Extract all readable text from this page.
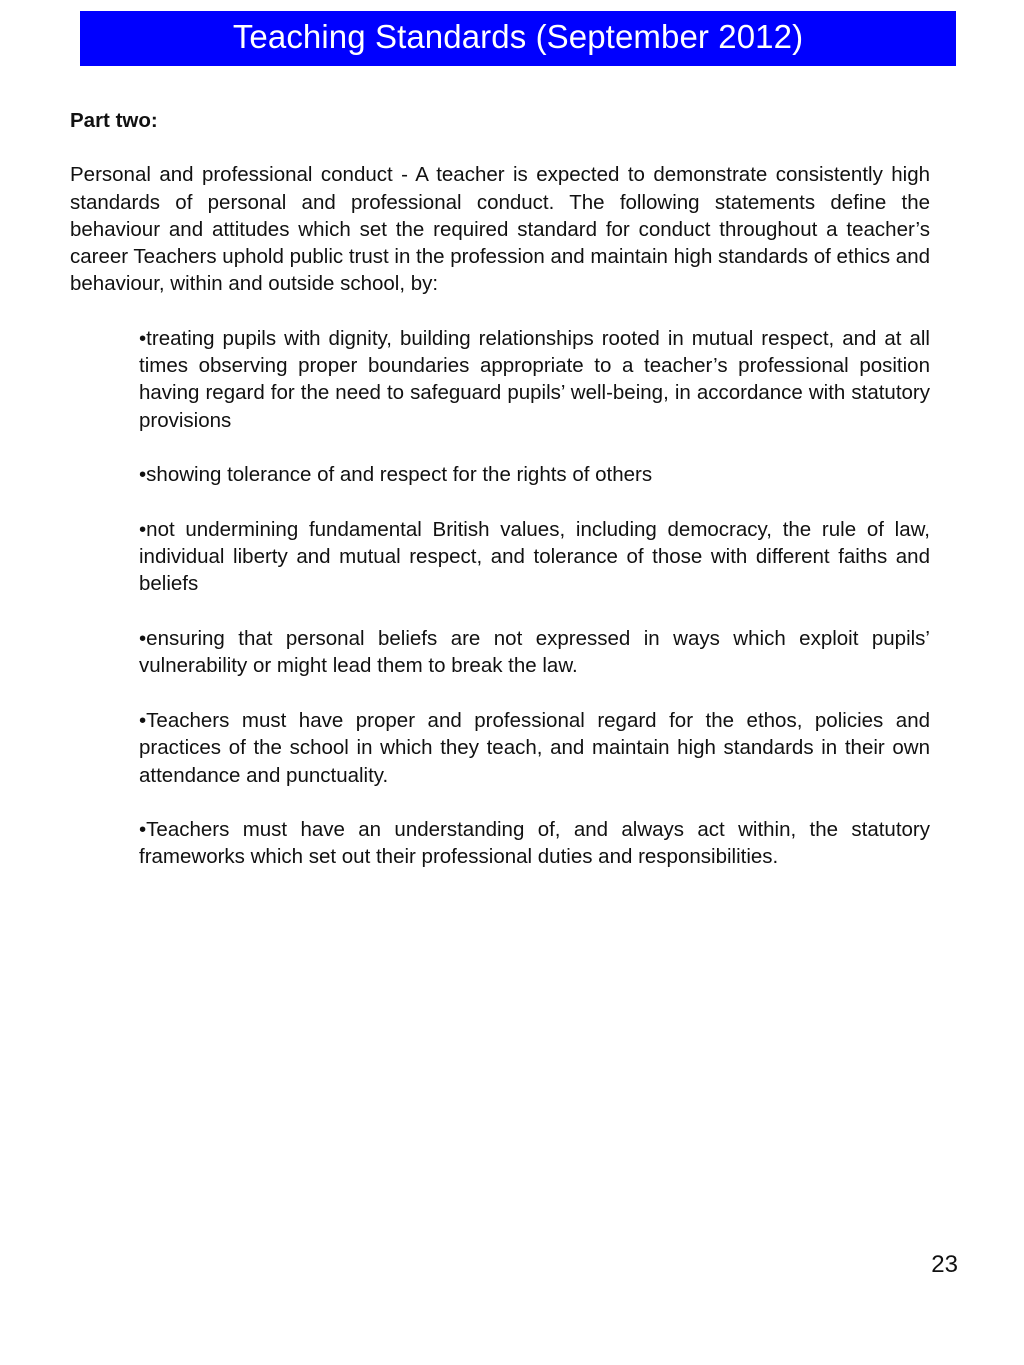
Teaching Standards (September 2012)
Part two:

Personal and professional conduct - A teacher is expected to demonstrate consistently high standards of personal and professional conduct. The following statements define the behaviour and attitudes which set the required standard for conduct throughout a teacher’s career Teachers uphold public trust in the profession and maintain high standards of ethics and behaviour, within and outside school, by:

•treating pupils with dignity, building relationships rooted in mutual respect, and at all times observing proper boundaries appropriate to a teacher’s professional position having regard for the need to safeguard pupils’ well-being, in accordance with statutory provisions
•showing tolerance of and respect for the rights of others
•not undermining fundamental British values, including democracy, the rule of law, individual liberty and mutual respect, and tolerance of those with different faiths and beliefs
•ensuring that personal beliefs are not expressed in ways which exploit pupils’ vulnerability or might lead them to break the law.
•Teachers must have proper and professional regard for the ethos, policies and practices of the school in which they teach, and maintain high standards in their own attendance and punctuality.
•Teachers must have an understanding of, and always act within, the statutory frameworks which set out their professional duties and responsibilities.
23
